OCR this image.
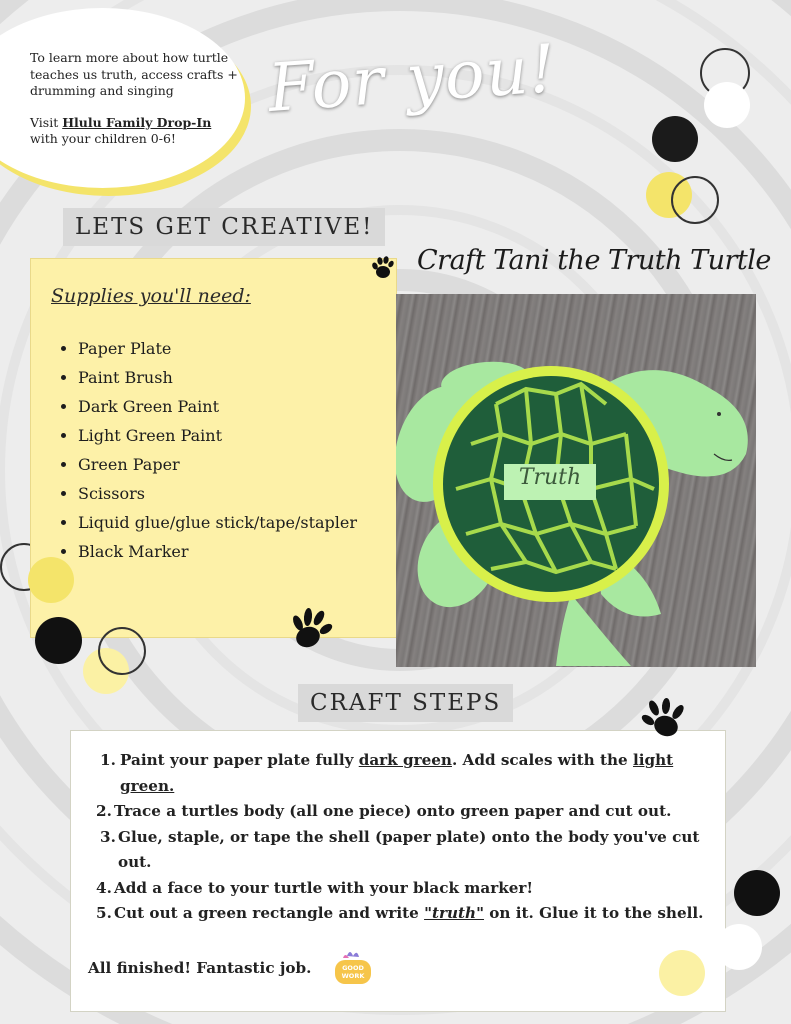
To learn more about how turtle teaches us truth, access crafts + drumming and singing

Visit Hlulu Family Drop-In
with your children 0-6!

For you!
LETS GET CREATIVE!
Supplies you'll need:
• Paper Plate
• Paint Brush
• Dark Green Paint
• Light Green Paint
• Green Paper
• Scissors
• Liquid glue/glue stick/tape/stapler
• Black Marker
Craft Tani the Truth Turtle
Truth
CRAFT STEPS
1. Paint your paper plate fully dark green. Add scales with the light green.
2. Trace a turtles body (all one piece) onto green paper and cut out.
3. Glue, staple, or tape the shell (paper plate) onto the body you've cut out.
4. Add a face to your turtle with your black marker!
5. Cut out a green rectangle and write "truth" on it. Glue it to the shell.
All finished! Fantastic job.	GOOD
WORK
